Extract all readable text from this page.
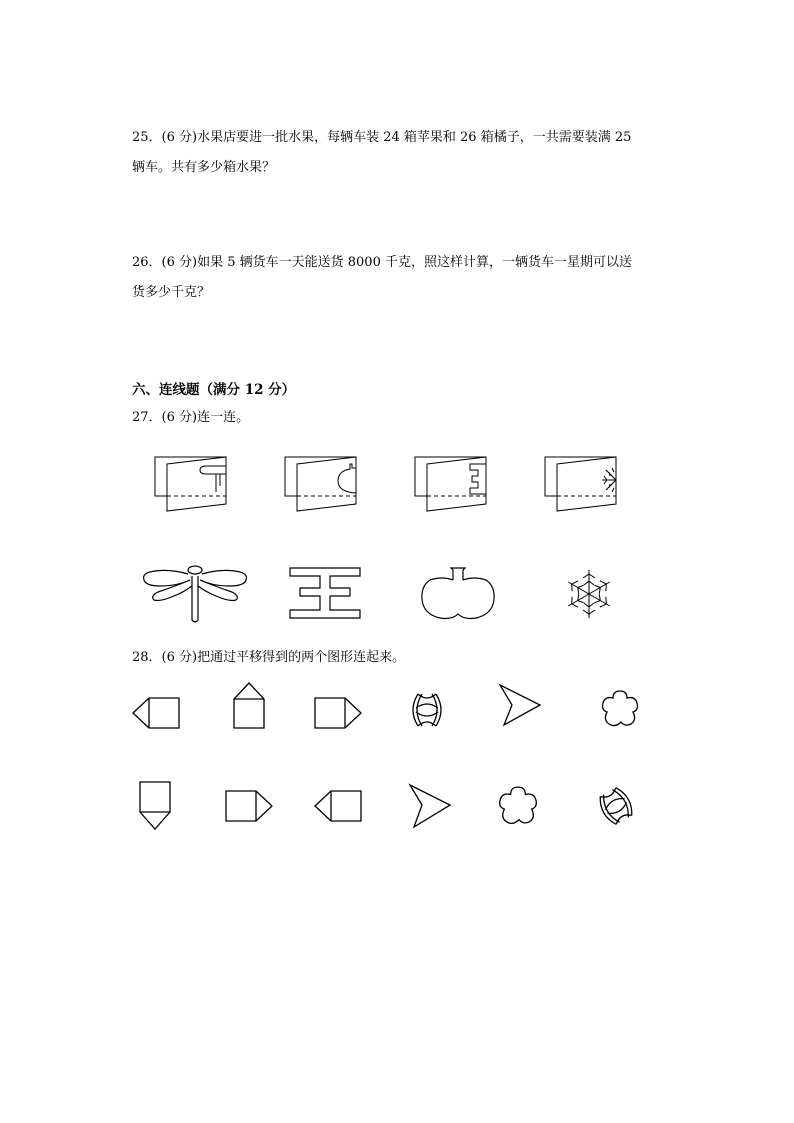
25．(6 分)水果店要进一批水果，每辆车装 24 箱苹果和 26 箱橘子，一共需要装满 25
辆车。共有多少箱水果？

26．(6 分)如果 5 辆货车一天能送货 8000 千克，照这样计算，一辆货车一星期可以送
货多少千克？

六、连线题（满分 12 分）

27．(6 分)连一连。

28．(6 分)把通过平移得到的两个图形连起来。
